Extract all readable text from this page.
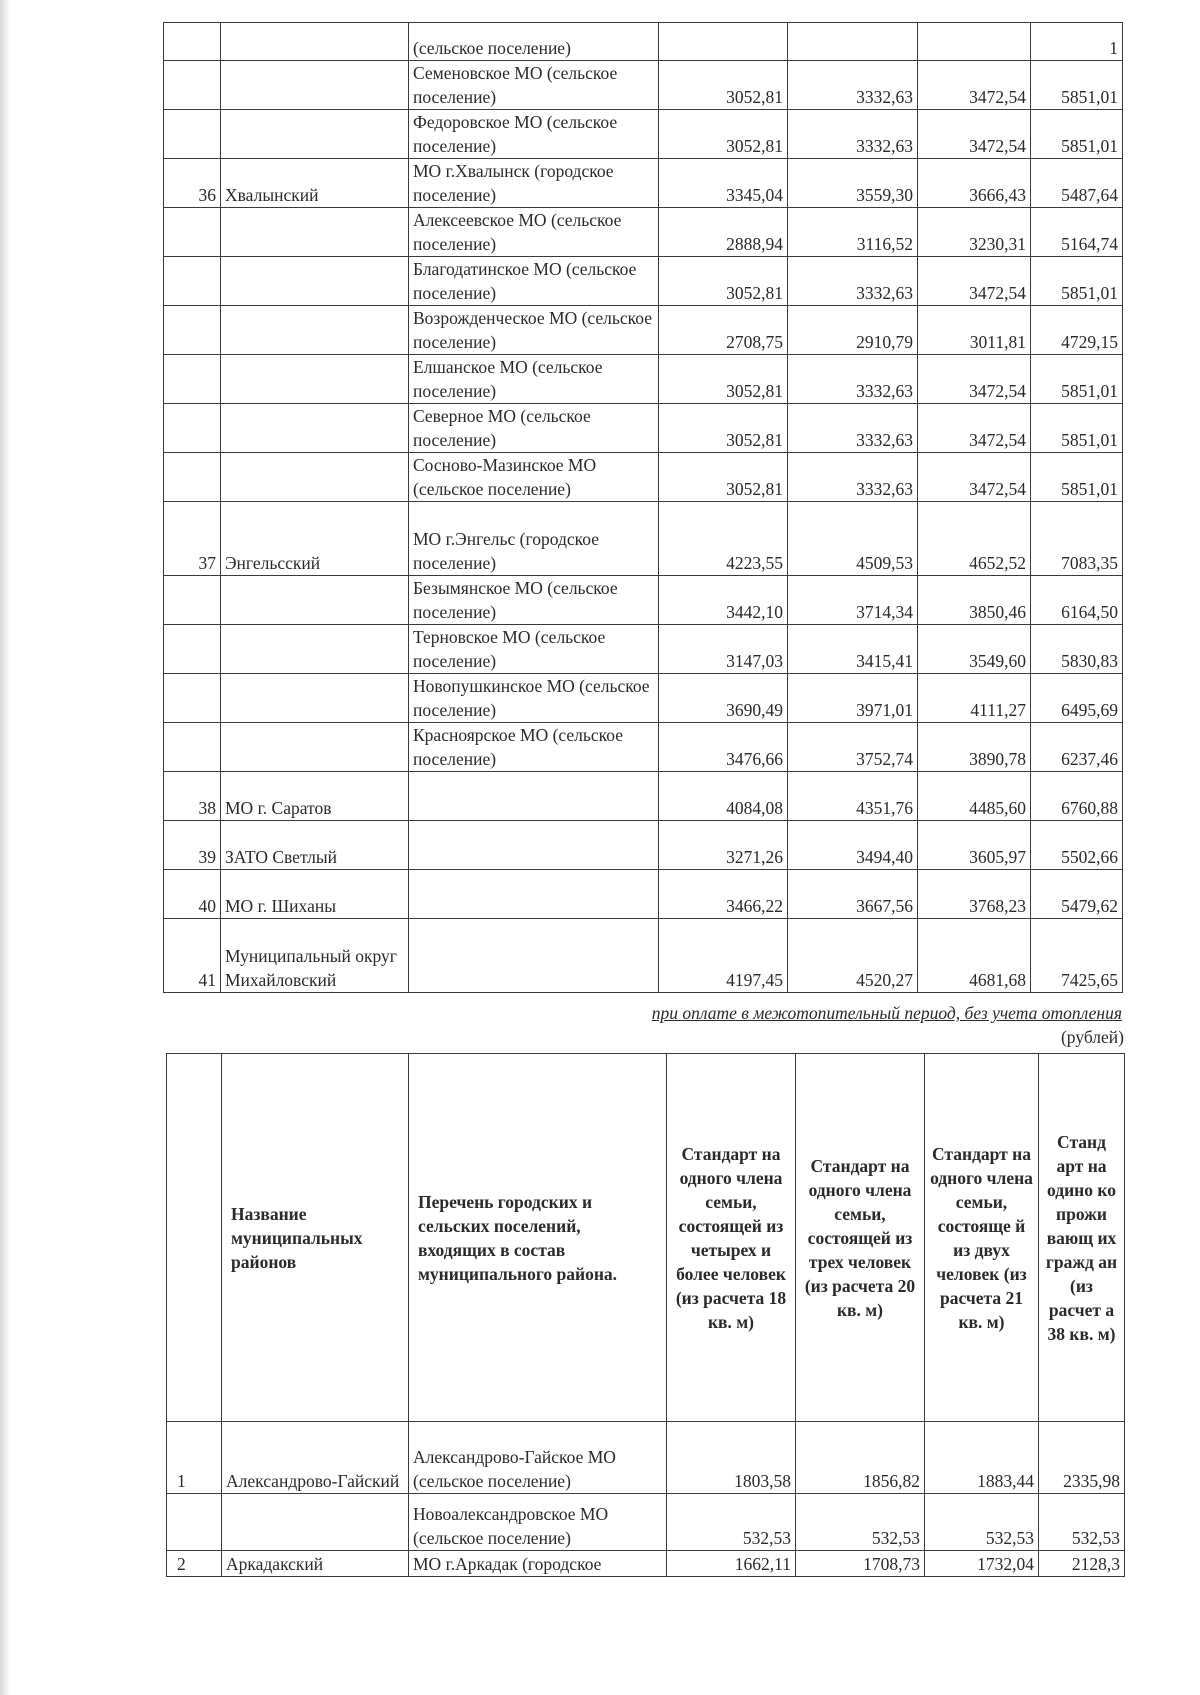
		(сельское поселение)				1
		Семеновское МО (сельское поселение)	3052,81	3332,63	3472,54	5851,01
		Федоровское МО (сельское поселение)	3052,81	3332,63	3472,54	5851,01
36	Хвалынский	МО г.Хвалынск (городское поселение)	3345,04	3559,30	3666,43	5487,64
		Алексеевское МО (сельское поселение)	2888,94	3116,52	3230,31	5164,74
		Благодатинское МО (сельское поселение)	3052,81	3332,63	3472,54	5851,01
		Возрожденческое МО (сельское поселение)	2708,75	2910,79	3011,81	4729,15
		Елшанское МО (сельское поселение)	3052,81	3332,63	3472,54	5851,01
		Северное МО (сельское поселение)	3052,81	3332,63	3472,54	5851,01
		Сосново-Мазинское МО (сельское поселение)	3052,81	3332,63	3472,54	5851,01
37	Энгельсский	МО г.Энгельс (городское поселение)	4223,55	4509,53	4652,52	7083,35
		Безымянское МО (сельское поселение)	3442,10	3714,34	3850,46	6164,50
		Терновское МО (сельское поселение)	3147,03	3415,41	3549,60	5830,83
		Новопушкинское МО (сельское поселение)	3690,49	3971,01	4111,27	6495,69
		Красноярское МО (сельское поселение)	3476,66	3752,74	3890,78	6237,46
38	МО г. Саратов		4084,08	4351,76	4485,60	6760,88
39	ЗАТО Светлый		3271,26	3494,40	3605,97	5502,66
40	МО г. Шиханы		3466,22	3667,56	3768,23	5479,62
41	Муниципальный округ Михайловский		4197,45	4520,27	4681,68	7425,65
при оплате в межотопительный период, без учета отопления
(рублей)
	Название муниципальных районов	Перечень городских и сельских поселений, входящих в состав муниципального района.	Стандарт на одного члена семьи, состоящей из четырех и более человек (из расчета 18 кв. м)	Стандарт на одного члена семьи, состоящей из трех человек (из расчета 20 кв. м)	Стандарт на одного члена семьи, состояще й из двух человек (из расчета 21 кв. м)	Станд арт на одино ко прожи вающ их гражд ан (из расчет а 38 кв. м)
1	Александрово-Гайский	Александрово-Гайское МО (сельское поселение)	1803,58	1856,82	1883,44	2335,98
		Новоалександровское МО (сельское поселение)	532,53	532,53	532,53	532,53
2	Аркадакский	МО г.Аркадак (городское	1662,11	1708,73	1732,04	2128,3
